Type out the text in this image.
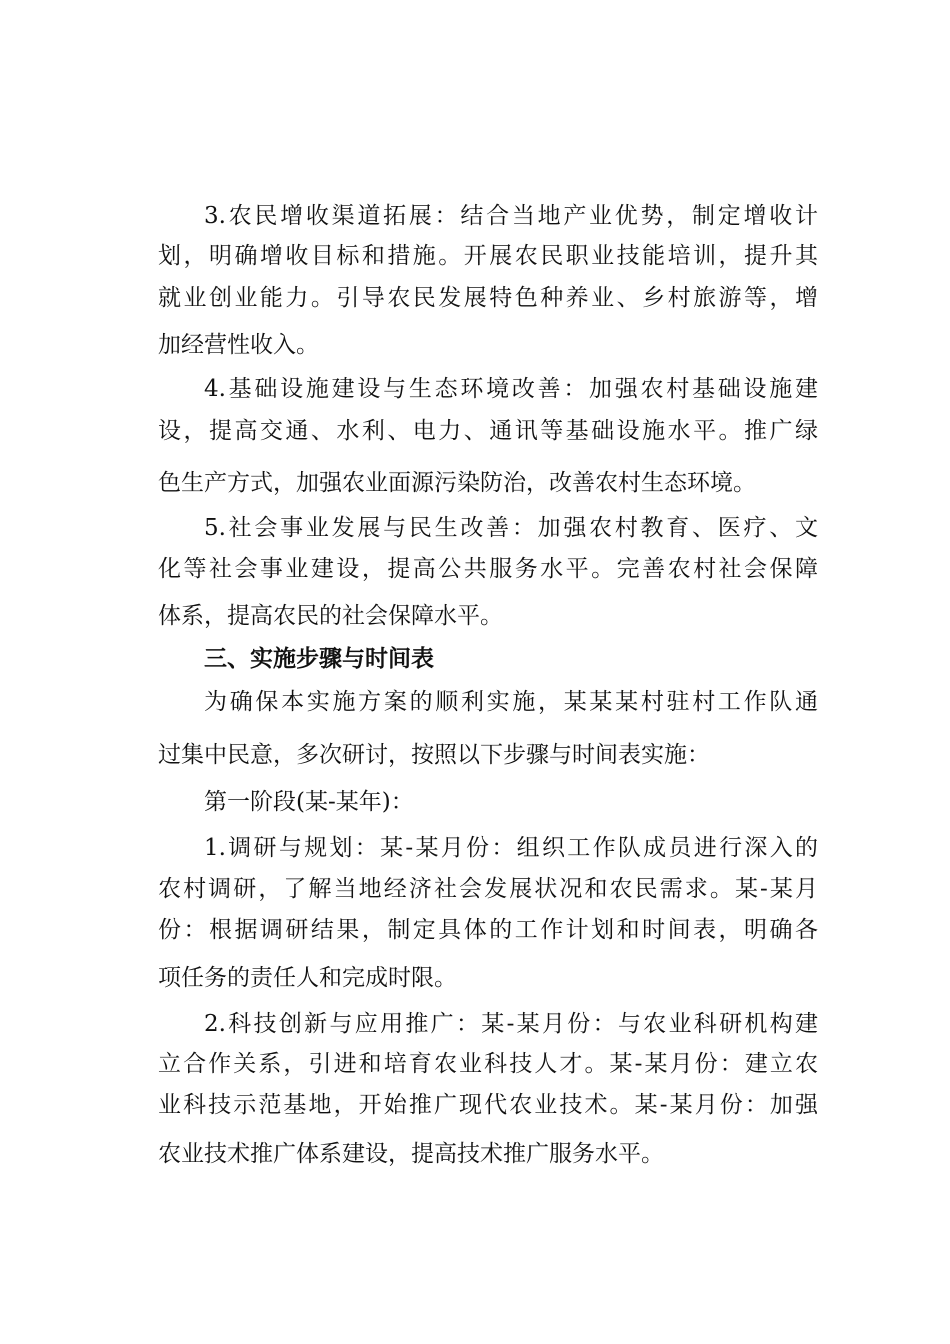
3.农民增收渠道拓展：结合当地产业优势，制定增收计
划，明确增收目标和措施。开展农民职业技能培训，提升其
就业创业能力。引导农民发展特色种养业、乡村旅游等，增
加经营性收入。
4.基础设施建设与生态环境改善：加强农村基础设施建
设，提高交通、水利、电力、通讯等基础设施水平。推广绿
色生产方式，加强农业面源污染防治，改善农村生态环境。
5.社会事业发展与民生改善：加强农村教育、医疗、文
化等社会事业建设，提高公共服务水平。完善农村社会保障
体系，提高农民的社会保障水平。
三、实施步骤与时间表
为确保本实施方案的顺利实施，某某某村驻村工作队通
过集中民意，多次研讨，按照以下步骤与时间表实施：
第一阶段(某-某年)：
1.调研与规划：某-某月份：组织工作队成员进行深入的
农村调研，了解当地经济社会发展状况和农民需求。某-某月
份：根据调研结果，制定具体的工作计划和时间表，明确各
项任务的责任人和完成时限。
2.科技创新与应用推广：某-某月份：与农业科研机构建
立合作关系，引进和培育农业科技人才。某-某月份：建立农
业科技示范基地，开始推广现代农业技术。某-某月份：加强
农业技术推广体系建设，提高技术推广服务水平。
